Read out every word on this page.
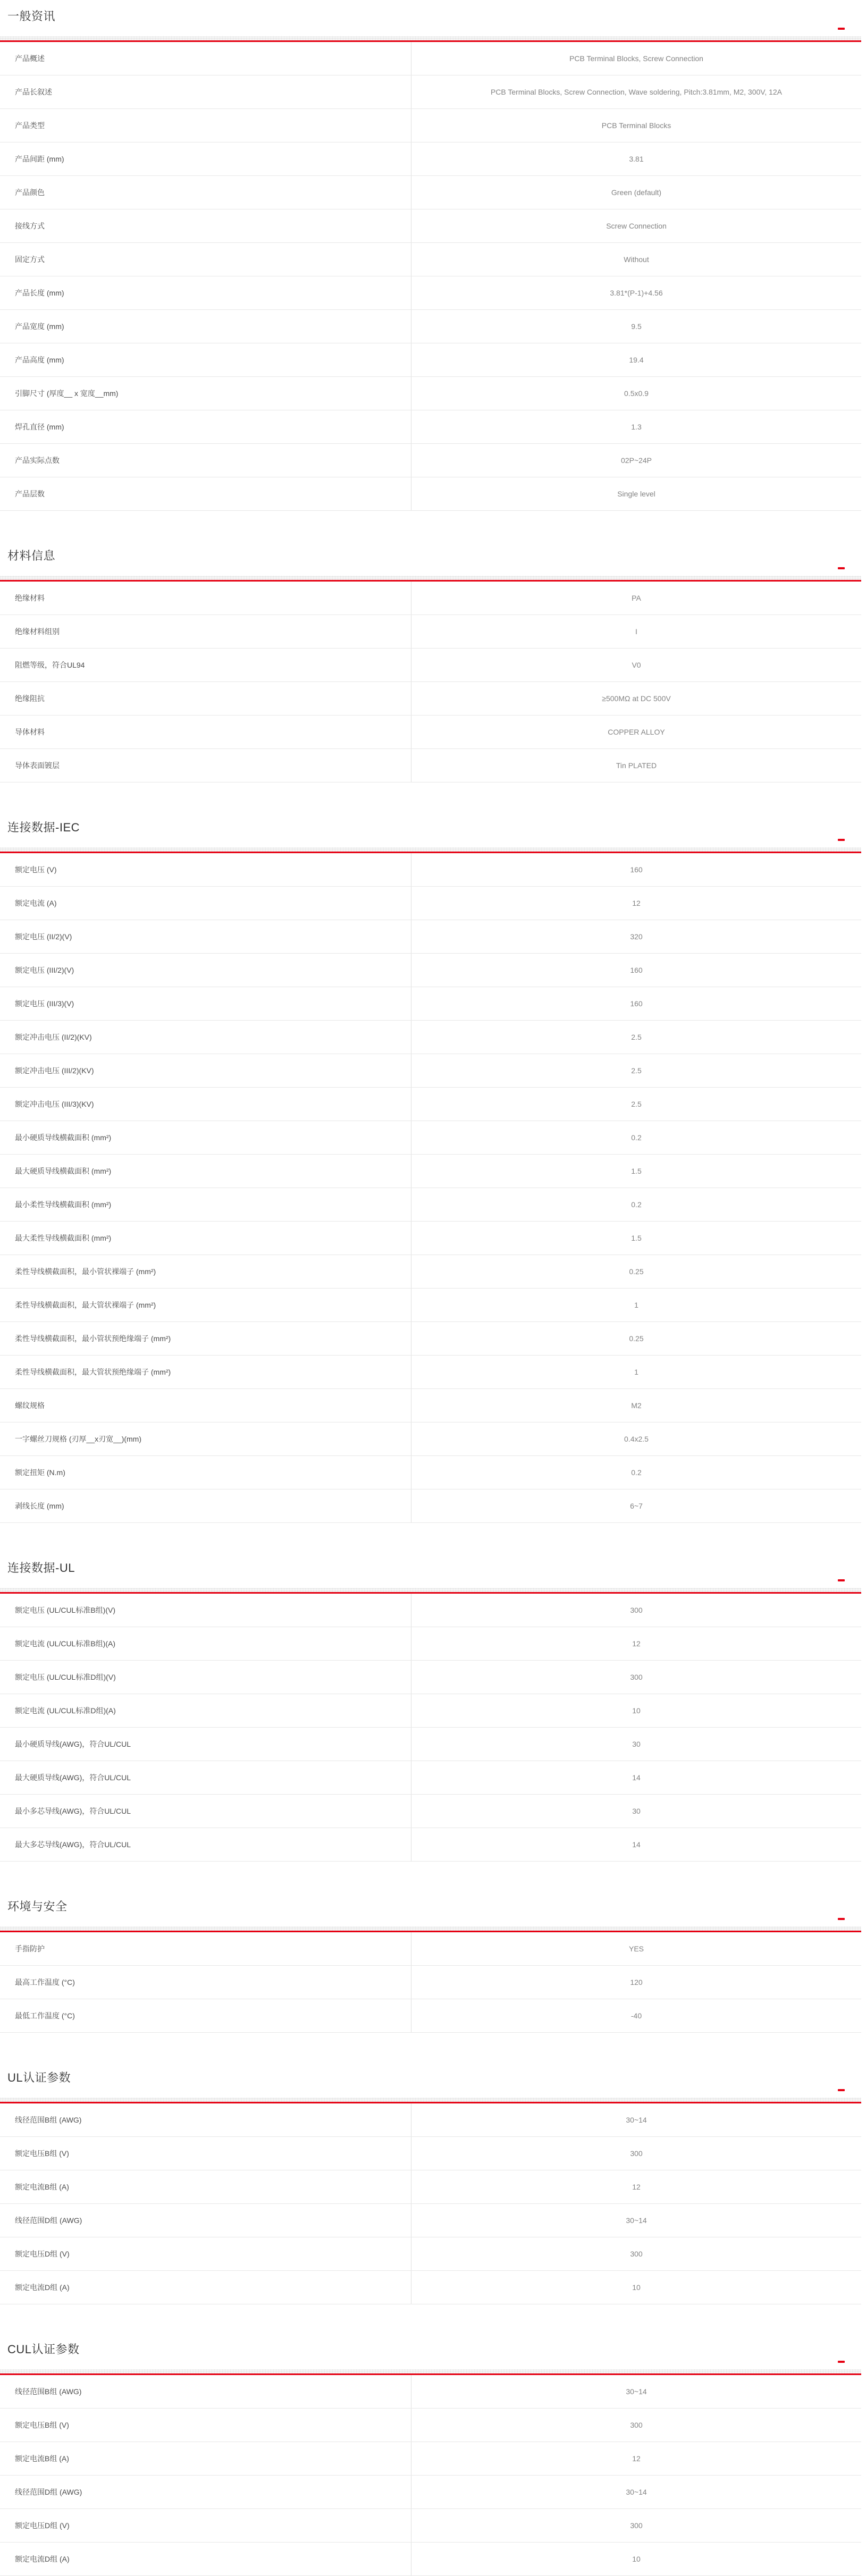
一般资讯
产品概述	PCB Terminal Blocks, Screw Connection
产品长叙述	PCB Terminal Blocks, Screw Connection, Wave soldering, Pitch:3.81mm, M2, 300V, 12A
产品类型	PCB Terminal Blocks
产品间距 (mm)	3.81
产品颜色	Green (default)
接线方式	Screw Connection
固定方式	Without
产品长度 (mm)	3.81*(P-1)+4.56
产品宽度 (mm)	9.5
产品高度 (mm)	19.4
引脚尺寸 (厚度__ x 宽度__mm)	0.5x0.9
焊孔直径 (mm)	1.3
产品实际点数	02P~24P
产品层数	Single level
材料信息
绝缘材料	PA
绝缘材料组别	I
阻燃等级，符合UL94	V0
绝缘阻抗	≥500MΩ at DC 500V
导体材料	COPPER ALLOY
导体表面镀层	Tin PLATED
连接数据-IEC
额定电压 (V)	160
额定电流 (A)	12
额定电压 (II/2)(V)	320
额定电压 (III/2)(V)	160
额定电压 (III/3)(V)	160
额定冲击电压 (II/2)(KV)	2.5
额定冲击电压 (III/2)(KV)	2.5
额定冲击电压 (III/3)(KV)	2.5
最小硬质导线横截面积 (mm²)	0.2
最大硬质导线横截面积 (mm²)	1.5
最小柔性导线横截面积 (mm²)	0.2
最大柔性导线横截面积 (mm²)	1.5
柔性导线横截面积，最小管状裸端子 (mm²)	0.25
柔性导线横截面积，最大管状裸端子 (mm²)	1
柔性导线横截面积，最小管状预绝缘端子 (mm²)	0.25
柔性导线横截面积，最大管状预绝缘端子 (mm²)	1
螺纹规格	M2
一字螺丝刀规格 (刃厚__x刃宽__)(mm)	0.4x2.5
额定扭矩 (N.m)	0.2
剥线长度 (mm)	6~7
连接数据-UL
额定电压 (UL/CUL标准B组)(V)	300
额定电流 (UL/CUL标准B组)(A)	12
额定电压 (UL/CUL标准D组)(V)	300
额定电流 (UL/CUL标准D组)(A)	10
最小硬质导线(AWG)，符合UL/CUL	30
最大硬质导线(AWG)，符合UL/CUL	14
最小多芯导线(AWG)，符合UL/CUL	30
最大多芯导线(AWG)，符合UL/CUL	14
环境与安全
手指防护	YES
最高工作温度 (°C)	120
最低工作温度 (°C)	-40
UL认证参数
线径范围B组 (AWG)	30~14
额定电压B组 (V)	300
额定电流B组 (A)	12
线径范围D组 (AWG)	30~14
额定电压D组 (V)	300
额定电流D组 (A)	10
CUL认证参数
线径范围B组 (AWG)	30~14
额定电压B组 (V)	300
额定电流B组 (A)	12
线径范围D组 (AWG)	30~14
额定电压D组 (V)	300
额定电流D组 (A)	10
